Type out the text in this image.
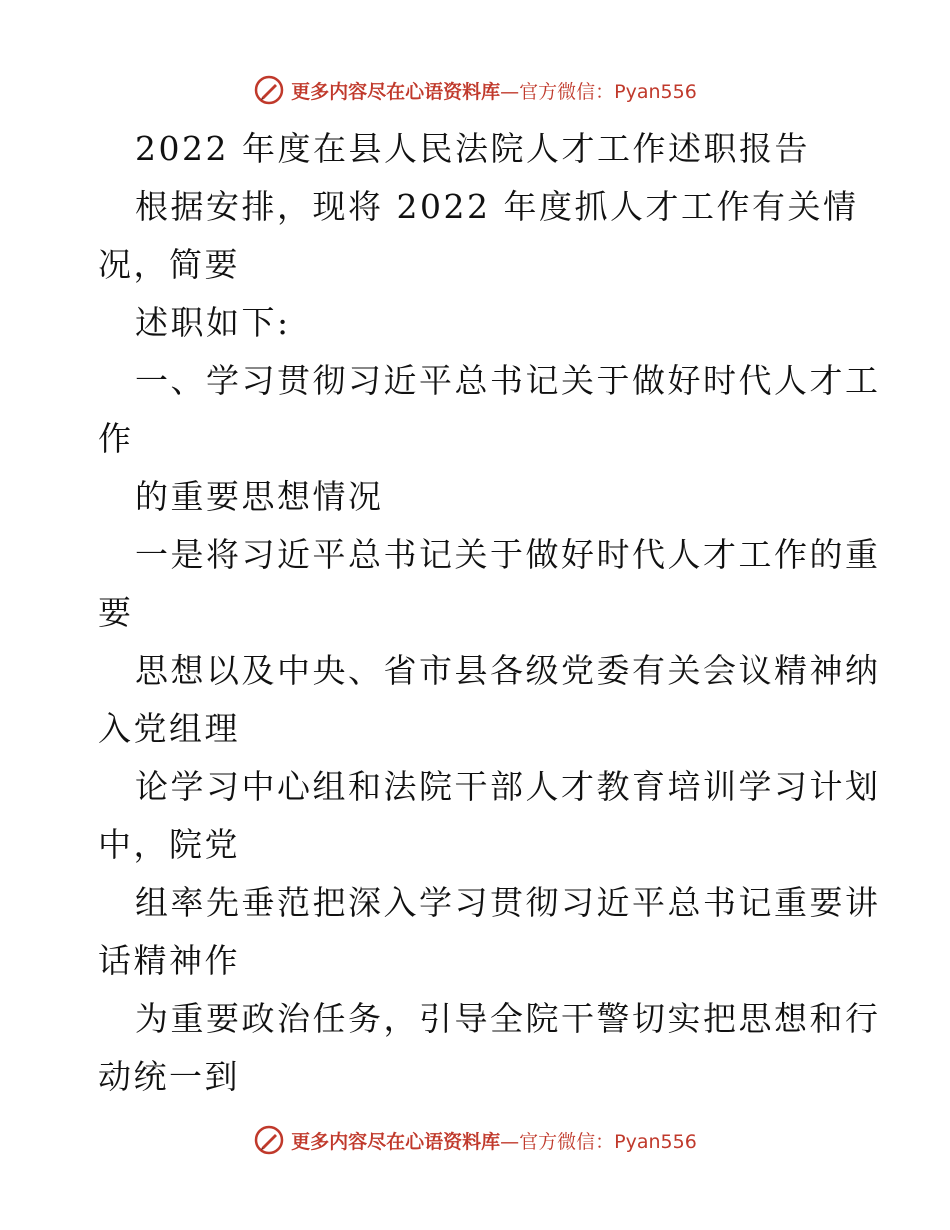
更多内容尽在心语资料库 —官方微信：Pyan556
2022 年度在县人民法院人才工作述职报告
根据安排，现将 2022 年度抓人才工作有关情
况，简要
述职如下:
一、学习贯彻习近平总书记关于做好时代人才工
作
的重要思想情况
一是将习近平总书记关于做好时代人才工作的重
要
思想以及中央、省市县各级党委有关会议精神纳
入党组理
论学习中心组和法院干部人才教育培训学习计划
中，院党
组率先垂范把深入学习贯彻习近平总书记重要讲
话精神作
为重要政治任务，引导全院干警切实把思想和行
动统一到
更多内容尽在心语资料库 —官方微信：Pyan556
